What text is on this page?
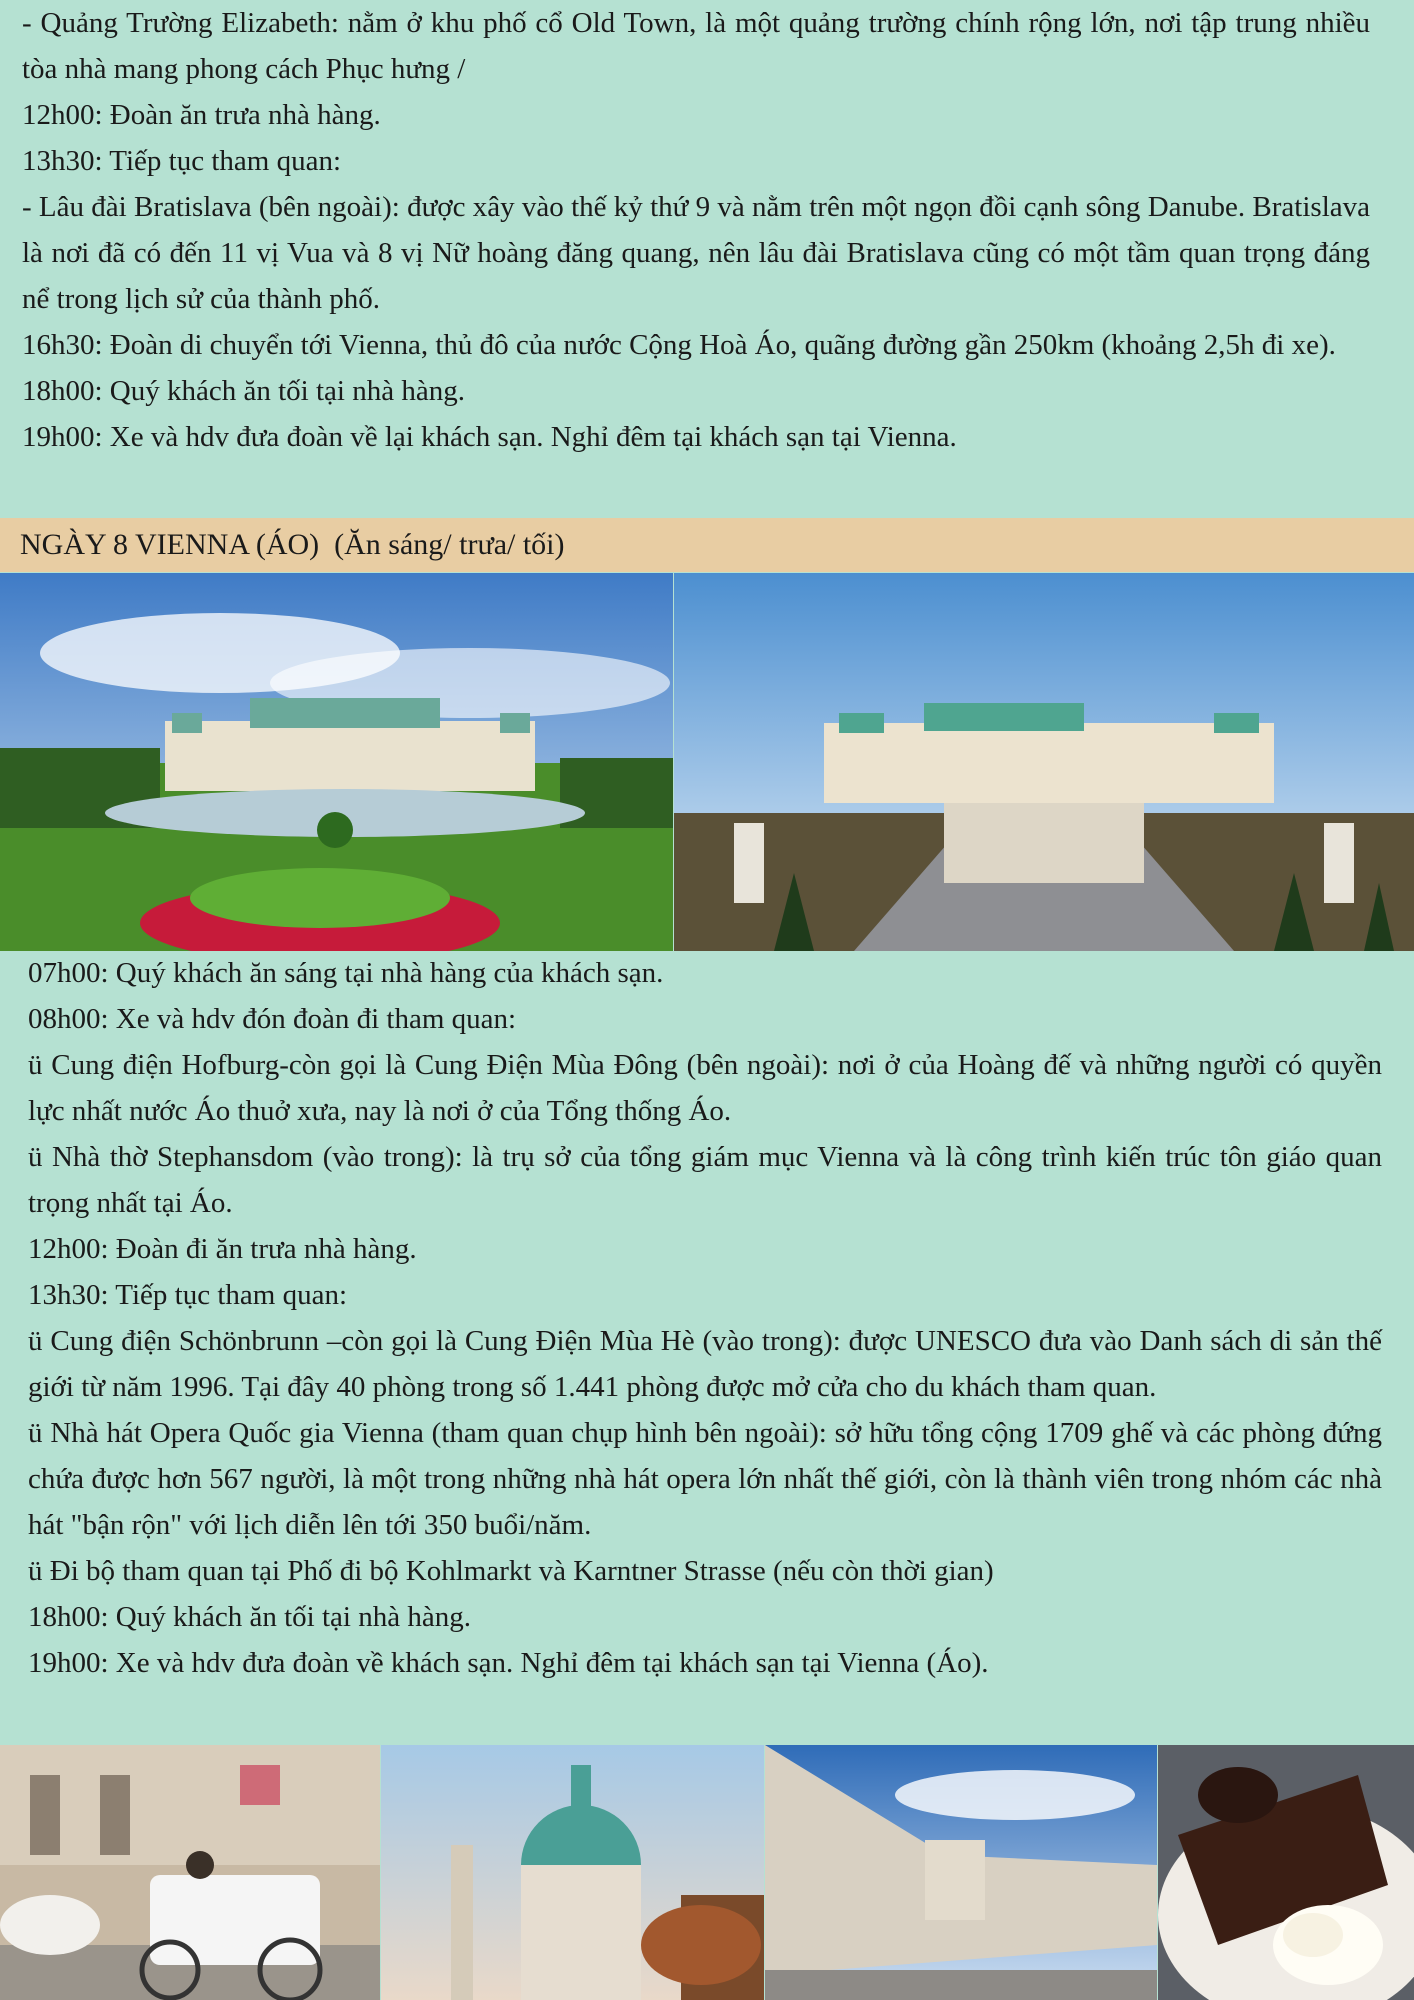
- Quảng Trường Elizabeth: nằm ở khu phố cổ Old Town, là một quảng trường chính rộng lớn, nơi tập trung nhiều tòa nhà mang phong cách Phục hưng /

12h00: Đoàn ăn trưa nhà hàng.

13h30: Tiếp tục tham quan:

- Lâu đài Bratislava (bên ngoài): được xây vào thế kỷ thứ 9 và nằm trên một ngọn đồi cạnh sông Danube. Bratislava là nơi đã có đến 11 vị Vua và 8 vị Nữ hoàng đăng quang, nên lâu đài Bratislava cũng có một tầm quan trọng đáng nể trong lịch sử của thành phố.

16h30: Đoàn di chuyển tới Vienna, thủ đô của nước Cộng Hoà Áo, quãng đường gần 250km (khoảng 2,5h đi xe).

18h00: Quý khách ăn tối tại nhà hàng.

19h00: Xe và hdv đưa đoàn về lại khách sạn. Nghỉ đêm tại khách sạn tại Vienna.

NGÀY 8 VIENNA (ÁO)  (Ăn sáng/ trưa/ tối)

07h00: Quý khách ăn sáng tại nhà hàng của khách sạn.

08h00: Xe và hdv đón đoàn đi tham quan:

ü Cung điện Hofburg-còn gọi là Cung Điện Mùa Đông (bên ngoài): nơi ở của Hoàng đế và những người có quyền lực nhất nước Áo thuở xưa, nay là nơi ở của Tổng thống Áo.

ü Nhà thờ Stephansdom (vào trong): là trụ sở của tổng giám mục Vienna và là công trình kiến trúc tôn giáo quan trọng nhất tại Áo.

12h00: Đoàn đi ăn trưa nhà hàng.

13h30: Tiếp tục tham quan:

ü Cung điện Schönbrunn –còn gọi là Cung Điện Mùa Hè (vào trong): được UNESCO đưa vào Danh sách di sản thế giới từ năm 1996. Tại đây 40 phòng trong số 1.441 phòng được mở cửa cho du khách tham quan.

ü Nhà hát Opera Quốc gia Vienna (tham quan chụp hình bên ngoài): sở hữu tổng cộng 1709 ghế và các phòng đứng chứa được hơn 567 người, là một trong những nhà hát opera lớn nhất thế giới, còn là thành viên trong nhóm các nhà hát "bận rộn" với lịch diễn lên tới 350 buổi/năm.

ü Đi bộ tham quan tại Phố đi bộ Kohlmarkt và Karntner Strasse (nếu còn thời gian)

18h00: Quý khách ăn tối tại nhà hàng.

19h00: Xe và hdv đưa đoàn về khách sạn. Nghỉ đêm tại khách sạn tại Vienna (Áo).
